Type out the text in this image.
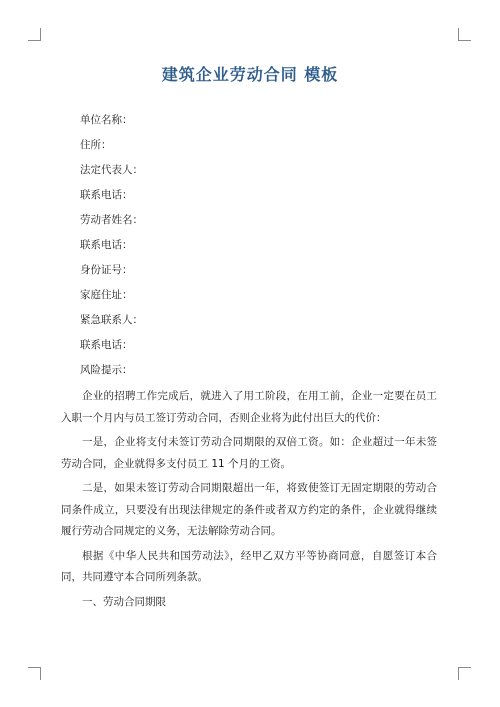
建筑企业劳动合同 模板
单位名称：
住所：
法定代表人：
联系电话：
劳动者姓名：
联系电话：
身份证号：
家庭住址：
紧急联系人：
联系电话：
风险提示：

企业的招聘工作完成后，就进入了用工阶段，在用工前，企业一定要在员工入职一个月内与员工签订劳动合同，否则企业将为此付出巨大的代价：

一是，企业将支付未签订劳动合同期限的双倍工资。如：企业超过一年未签劳动合同，企业就得多支付员工 11 个月的工资。

二是，如果未签订劳动合同期限超出一年，将致使签订无固定期限的劳动合同条件成立，只要没有出现法律规定的条件或者双方约定的条件，企业就得继续履行劳动合同规定的义务，无法解除劳动合同。

根据《中华人民共和国劳动法》，经甲乙双方平等协商同意，自愿签订本合同，共同遵守本合同所列条款。

一、劳动合同期限
